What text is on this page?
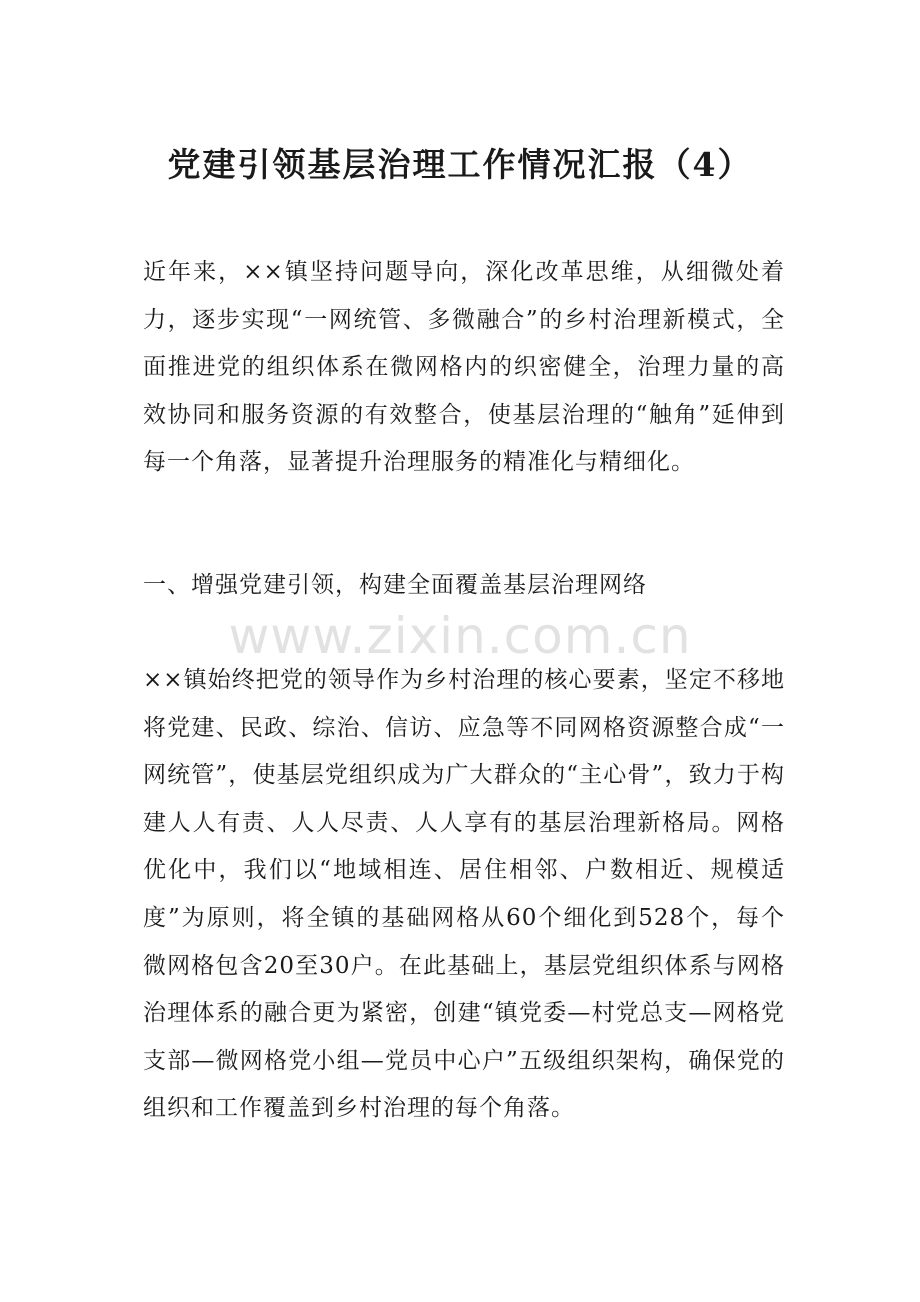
党建引领基层治理工作情况汇报（4）

近年来，××镇坚持问题导向，深化改革思维，从细微处着力，逐步实现“一网统管、多微融合”的乡村治理新模式，全面推进党的组织体系在微网格内的织密健全，治理力量的高效协同和服务资源的有效整合，使基层治理的“触角”延伸到每一个角落，显著提升治理服务的精准化与精细化。

一、增强党建引领，构建全面覆盖基层治理网络

www.zixin.com.cn

××镇始终把党的领导作为乡村治理的核心要素，坚定不移地将党建、民政、综治、信访、应急等不同网格资源整合成“一网统管”，使基层党组织成为广大群众的“主心骨”，致力于构建人人有责、人人尽责、人人享有的基层治理新格局。网格优化中，我们以“地域相连、居住相邻、户数相近、规模适度”为原则，将全镇的基础网格从60个细化到528个，每个微网格包含20至30户。在此基础上，基层党组织体系与网格治理体系的融合更为紧密，创建“镇党委—村党总支—网格党支部—微网格党小组—党员中心户”五级组织架构，确保党的组织和工作覆盖到乡村治理的每个角落。
